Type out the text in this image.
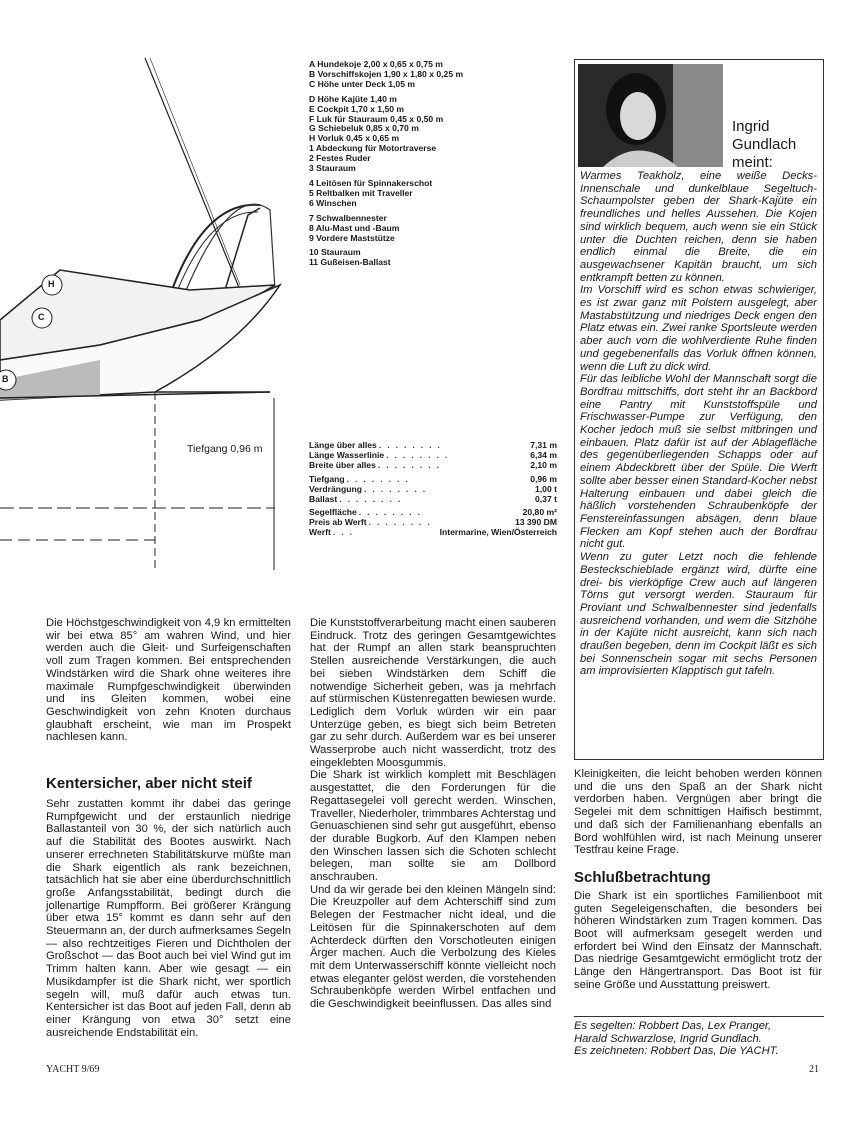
H
C
B
Tiefgang 0,96 m
A Hundekoje 2,00 x 0,65 x 0,75 m
B Vorschiffskojen 1,90 x 1,80 x 0,25 m
C Höhe unter Deck 1,05 m
D Höhe Kajüte 1,40 m
E Cockpit 1,70 x 1,50 m
F Luk für Stauraum 0,45 x 0,50 m
G Schiebeluk 0,85 x 0,70 m
H Vorluk 0,45 x 0,65 m
1 Abdeckung für Motortraverse
2 Festes Ruder
3 Stauraum
4 Leitösen für Spinnakerschot
5 Reltbalken mit Traveller
6 Winschen
7 Schwalbennester
8 Alu-Mast und -Baum
9 Vordere Maststütze
10 Stauraum
11 Gußeisen-Ballast
Länge über alles ........	7,31 m
Länge Wasserlinie ........	6,34 m
Breite über alles ........	2,10 m
Tiefgang ........	0,96 m
Verdrängung ........	1,00 t
Ballast ........	0,37 t
Segelfläche ........	20,80 m²
Preis ab Werft ........	13 390 DM
Werft ...	Intermarine, Wien/Österreich
Ingrid
Gundlach
meint:

Warmes Teakholz, eine weiße Decks-Innenschale und dunkelblaue Segeltuch-Schaumpolster geben der Shark-Kajüte ein freundliches und helles Aussehen. Die Kojen sind wirklich bequem, auch wenn sie ein Stück unter die Duchten reichen, denn sie haben endlich einmal die Breite, die ein ausgewachsener Kapitän braucht, um sich entkrampft betten zu können.

Im Vorschiff wird es schon etwas schwieriger, es ist zwar ganz mit Polstern ausgelegt, aber Mastabstützung und niedriges Deck engen den Platz etwas ein. Zwei ranke Sportsleute werden aber auch vorn die wohlverdiente Ruhe finden und gegebenenfalls das Vorluk öffnen können, wenn die Luft zu dick wird.

Für das leibliche Wohl der Mannschaft sorgt die Bordfrau mittschiffs, dort steht ihr an Backbord eine Pantry mit Kunststoffspüle und Frischwasser-Pumpe zur Verfügung, den Kocher jedoch muß sie selbst mitbringen und einbauen. Platz dafür ist auf der Ablagefläche des gegenüberliegenden Schapps oder auf einem Abdeckbrett über der Spüle. Die Werft sollte aber besser einen Standard-Kocher nebst Halterung einbauen und dabei gleich die häßlich vorstehenden Schraubenköpfe der Fenstereinfassungen absägen, denn blaue Flecken am Kopf stehen auch der Bordfrau nicht gut.

Wenn zu guter Letzt noch die fehlende Besteckschieblade ergänzt wird, dürfte eine drei- bis vierköpfige Crew auch auf längeren Törns gut versorgt werden. Stauraum für Proviant und Schwalbennester sind jedenfalls ausreichend vorhanden, und wem die Sitzhöhe in der Kajüte nicht ausreicht, kann sich nach draußen begeben, denn im Cockpit läßt es sich bei Sonnenschein sogar mit sechs Personen am improvisierten Klapptisch gut tafeln.

Die Höchstgeschwindigkeit von 4,9 kn ermittelten wir bei etwa 85° am wahren Wind, und hier werden auch die Gleit- und Surfeigenschaften voll zum Tragen kommen. Bei entsprechenden Windstärken wird die Shark ohne weiteres ihre maximale Rumpfgeschwindigkeit überwinden und ins Gleiten kommen, wobei eine Geschwindigkeit von zehn Knoten durchaus glaubhaft erscheint, wie man im Prospekt nachlesen kann.

Kentersicher, aber nicht steif

Sehr zustatten kommt ihr dabei das geringe Rumpfgewicht und der erstaunlich niedrige Ballastanteil von 30 %, der sich natürlich auch auf die Stabilität des Bootes auswirkt. Nach unserer errechneten Stabilitätskurve müßte man die Shark eigentlich als rank bezeichnen, tatsächlich hat sie aber eine überdurchschnittlich große Anfangsstabilität, bedingt durch die jollenartige Rumpfform. Bei größerer Krängung über etwa 15° kommt es dann sehr auf den Steuermann an, der durch aufmerksames Segeln — also rechtzeitiges Fieren und Dichtholen der Großschot — das Boot auch bei viel Wind gut im Trimm halten kann. Aber wie gesagt — ein Musikdampfer ist die Shark nicht, wer sportlich segeln will, muß dafür auch etwas tun. Kentersicher ist das Boot auf jeden Fall, denn ab einer Krängung von etwa 30° setzt eine ausreichende Endstabilität ein.

Die Kunststoffverarbeitung macht einen sauberen Eindruck. Trotz des geringen Gesamtgewichtes hat der Rumpf an allen stark beanspruchten Stellen ausreichende Verstärkungen, die auch bei sieben Windstärken dem Schiff die notwendige Sicherheit geben, was ja mehrfach auf stürmischen Küstenregatten bewiesen wurde. Lediglich dem Vorluk würden wir ein paar Unterzüge geben, es biegt sich beim Betreten gar zu sehr durch. Außerdem war es bei unserer Wasserprobe auch nicht wasserdicht, trotz des eingeklebten Moosgummis.

Die Shark ist wirklich komplett mit Beschlägen ausgestattet, die den Forderungen für die Regattasegelei voll gerecht werden. Winschen, Traveller, Niederholer, trimmbares Achterstag und Genuaschienen sind sehr gut ausgeführt, ebenso der durable Bugkorb. Auf den Klampen neben den Winschen lassen sich die Schoten schlecht belegen, man sollte sie am Dollbord anschrauben.

Und da wir gerade bei den kleinen Mängeln sind: Die Kreuzpoller auf dem Achterschiff sind zum Belegen der Festmacher nicht ideal, und die Leitösen für die Spinnakerschoten auf dem Achterdeck dürften den Vorschotleuten einigen Ärger machen. Auch die Verbolzung des Kieles mit dem Unterwasserschiff könnte vielleicht noch etwas eleganter gelöst werden, die vorstehenden Schraubenköpfe werden Wirbel entfachen und die Geschwindigkeit beeinflussen. Das alles sind

Kleinigkeiten, die leicht behoben werden können und die uns den Spaß an der Shark nicht verdorben haben. Vergnügen aber bringt die Segelei mit dem schnittigen Haifisch bestimmt, und daß sich der Familienanhang ebenfalls an Bord wohlfühlen wird, ist nach Meinung unserer Testfrau keine Frage.

Schlußbetrachtung

Die Shark ist ein sportliches Familienboot mit guten Segeleigenschaften, die besonders bei höheren Windstärken zum Tragen kommen. Das Boot will aufmerksam gesegelt werden und erfordert bei Wind den Einsatz der Mannschaft. Das niedrige Gesamtgewicht ermöglicht trotz der Länge den Hängertransport. Das Boot ist für seine Größe und Ausstattung preiswert.

Es segelten: Robbert Das, Lex Pranger,
Harald Schwarzlose, Ingrid Gundlach.
Es zeichneten: Robbert Das, Die YACHT.
YACHT 9/69	21
